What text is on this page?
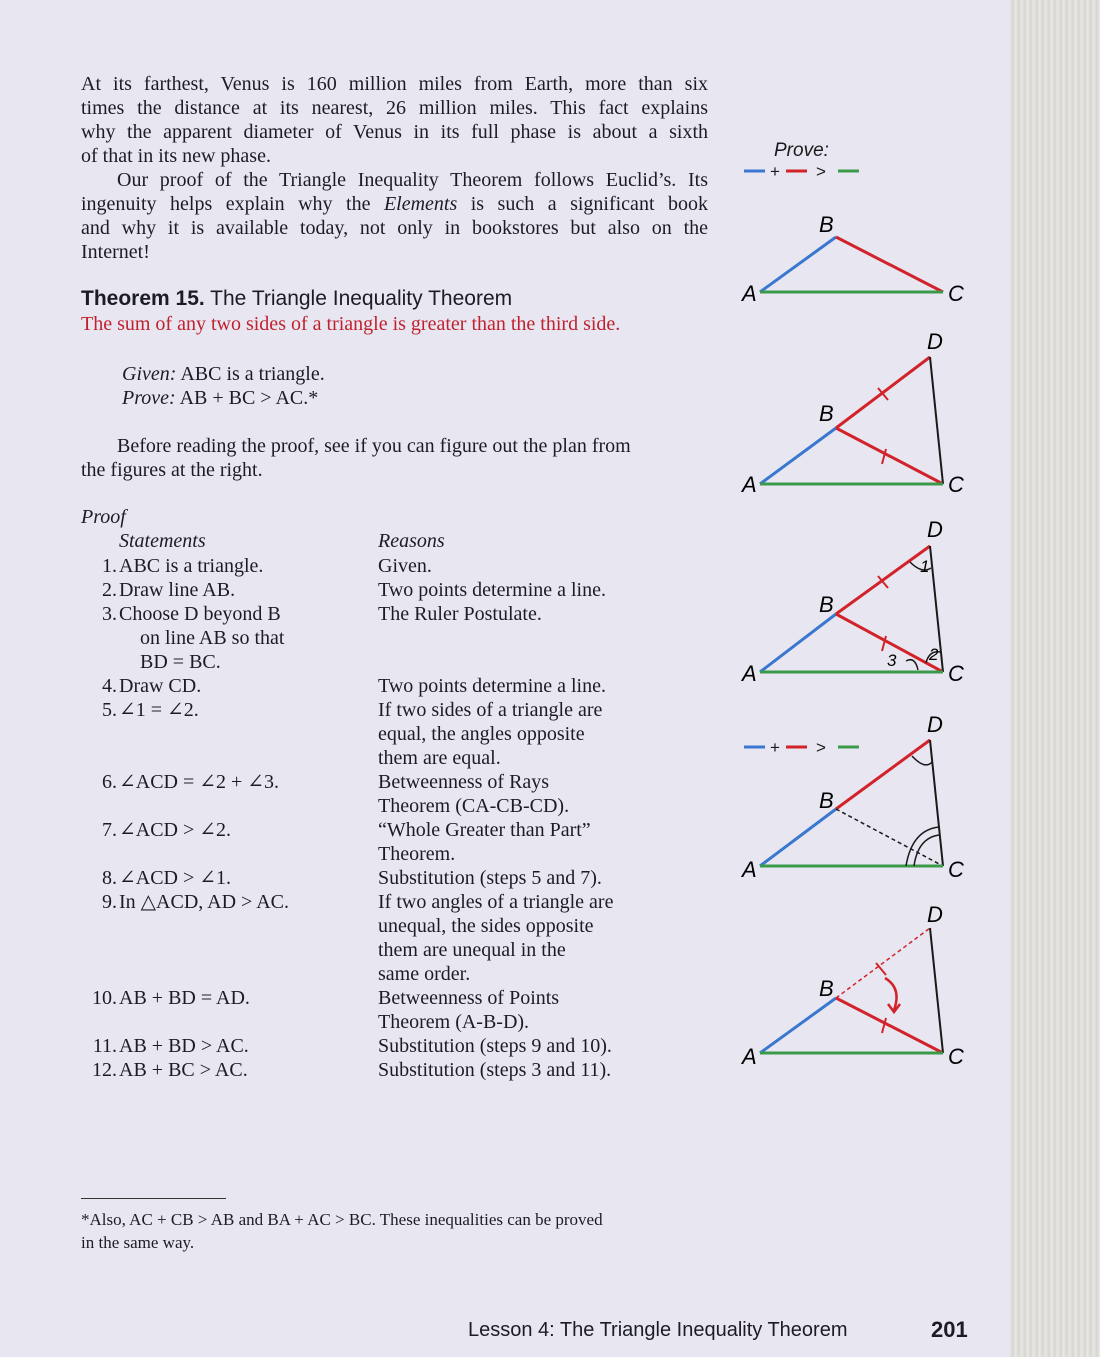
At its farthest, Venus is 160 million miles from Earth, more than six
times the distance at its nearest, 26 million miles. This fact explains
why the apparent diameter of Venus in its full phase is about a sixth
of that in its new phase.
Our proof of the Triangle Inequality Theorem follows Euclid’s. Its
ingenuity helps explain why the Elements is such a significant book
and why it is available today, not only in bookstores but also on the
Internet!
Theorem 15. The Triangle Inequality Theorem
The sum of any two sides of a triangle is greater than the third side.
Given: ABC is a triangle.
Prove: AB + BC > AC.*
Before reading the proof, see if you can figure out the plan from
the figures at the right.
Proof
Statements	Reasons
1. ABC is a triangle.
2. Draw line AB.
3. Choose D beyond B
on line AB so that
BD = BC.
4. Draw CD.
5. ∠1 = ∠2.
6. ∠ACD = ∠2 + ∠3.
7. ∠ACD > ∠2.
8. ∠ACD > ∠1.
9. In △ACD, AD > AC.
10. AB + BD = AD.
11. AB + BD > AC.
12. AB + BC > AC.
Given.
Two points determine a line.
The Ruler Postulate.
Two points determine a line.
If two sides of a triangle are
equal, the angles opposite
them are equal.
Betweenness of Rays
Theorem (CA-CB-CD).
“Whole Greater than Part”
Theorem.
Substitution (steps 5 and 7).
If two angles of a triangle are
unequal, the sides opposite
them are unequal in the
same order.
Betweenness of Points
Theorem (A-B-D).
Substitution (steps 9 and 10).
Substitution (steps 3 and 11).
*Also, AC + CB > AB and BA + AC > BC. These inequalities can be proved
in the same way.
Lesson 4: The Triangle Inequality Theorem	201
Prove:
+ >
A
B
C
A
B
C
D
1
2
3
A
B
C
D
+ >
A
B
C
D
A
B
C
D
